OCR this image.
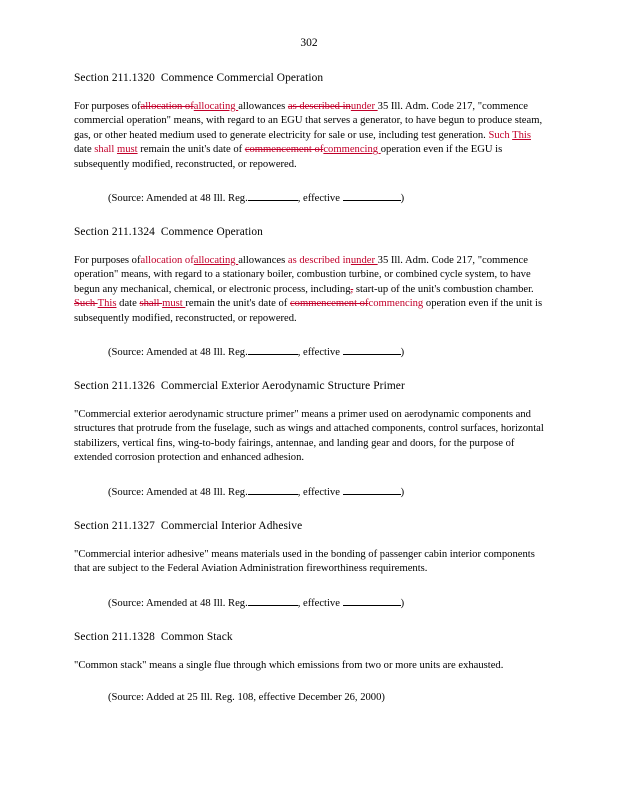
302
Section 211.1320 Commence Commercial Operation

For purposes ofallocation ofallocating allowances as described inunder 35 Ill. Adm. Code 217, "commence commercial operation" means, with regard to an EGU that serves a generator, to have begun to produce steam, gas, or other heated medium used to generate electricity for sale or use, including test generation. Such This date shall must remain the unit's date of commencement ofcommencing operation even if the EGU is subsequently modified, reconstructed, or repowered.

(Source: Amended at 48 Ill. Reg.	, effective	)
Section 211.1324 Commence Operation

For purposes ofallocation ofallocating allowances as described inunder 35 Ill. Adm. Code 217, "commence operation" means, with regard to a stationary boiler, combustion turbine, or combined cycle system, to have begun any mechanical, chemical, or electronic process, including, start-up of the unit's combustion chamber. Such This date shall must remain the unit's date of commencement ofcommencing operation even if the unit is subsequently modified, reconstructed, or repowered.

(Source: Amended at 48 Ill. Reg.	, effective	)
Section 211.1326 Commercial Exterior Aerodynamic Structure Primer

"Commercial exterior aerodynamic structure primer" means a primer used on aerodynamic components and structures that protrude from the fuselage, such as wings and attached components, control surfaces, horizontal stabilizers, vertical fins, wing-to-body fairings, antennae, and landing gear and doors, for the purpose of extended corrosion protection and enhanced adhesion.

(Source: Amended at 48 Ill. Reg.	, effective	)
Section 211.1327 Commercial Interior Adhesive

"Commercial interior adhesive" means materials used in the bonding of passenger cabin interior components that are subject to the Federal Aviation Administration fireworthiness requirements.

(Source: Amended at 48 Ill. Reg.	, effective	)
Section 211.1328 Common Stack

"Common stack" means a single flue through which emissions from two or more units are exhausted.

(Source: Added at 25 Ill. Reg. 108, effective December 26, 2000)
